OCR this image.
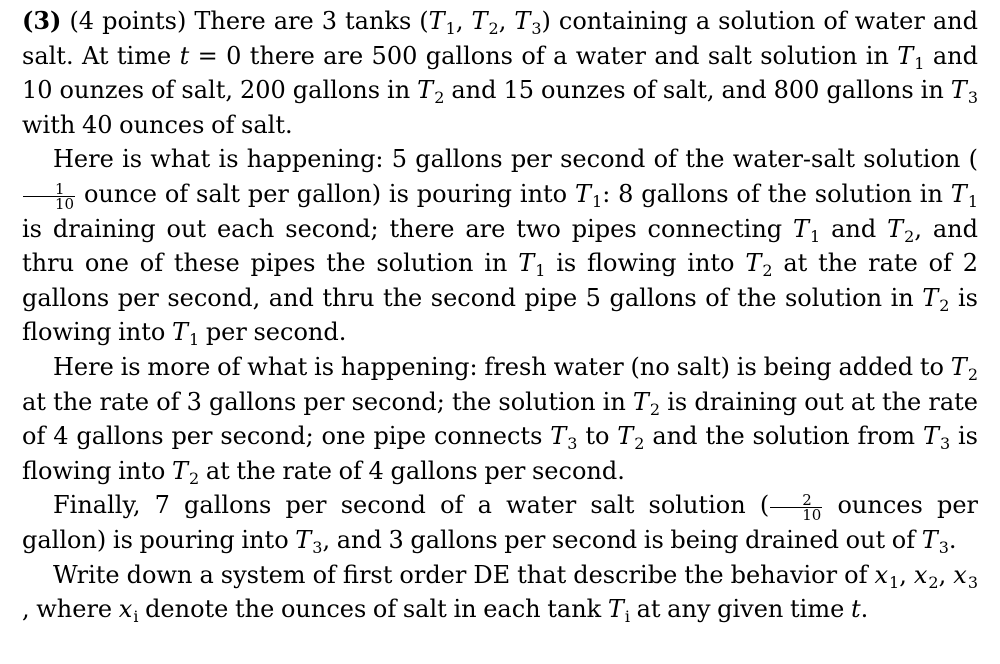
(3) (4 points) There are 3 tanks ($T_1$, $T_2$, $T_3$) containing a solution of water and salt. At time t = 0 there are 500 gallons of a water and salt solution in $T_1$ and 10 ounzes of salt, 200 gallons in $T_2$ and 15 ounzes of salt, and 800 gallons in $T_3$ with 40 ounces of salt.

Here is what is happening: 5 gallons per second of the water-salt solution (
$\frac{1}{10}$ ounce of salt per gallon) is pouring into $T_1$: 8 gallons of the solution in $T_1$ is draining out each second; there are two pipes connecting $T_1$ and $T_2$, and thru one of these pipes the solution in $T_1$ is flowing into $T_2$ at the rate of 2 gallons per second, and thru the second pipe 5 gallons of the solution in $T_2$ is flowing into $T_1$ per second.

Here is more of what is happening: fresh water (no salt) is being added to $T_2$ at the rate of 3 gallons per second; the solution in $T_2$ is draining out at the rate of 4 gallons per second; one pipe connects $T_3$ to $T_2$ and the solution from $T_3$ is flowing into $T_2$ at the rate of 4 gallons per second.

Finally, 7 gallons per second of a water salt solution ( $\frac{2}{10}$ ounces per gallon) is pouring into $T_3$, and 3 gallons per second is being drained out of $T_3$.

Write down a system of first order DE that describe the behavior of $x_1$, $x_2$, $x_3$ , where $x_i$ denote the ounces of salt in each tank $T_i$ at any given time t.
